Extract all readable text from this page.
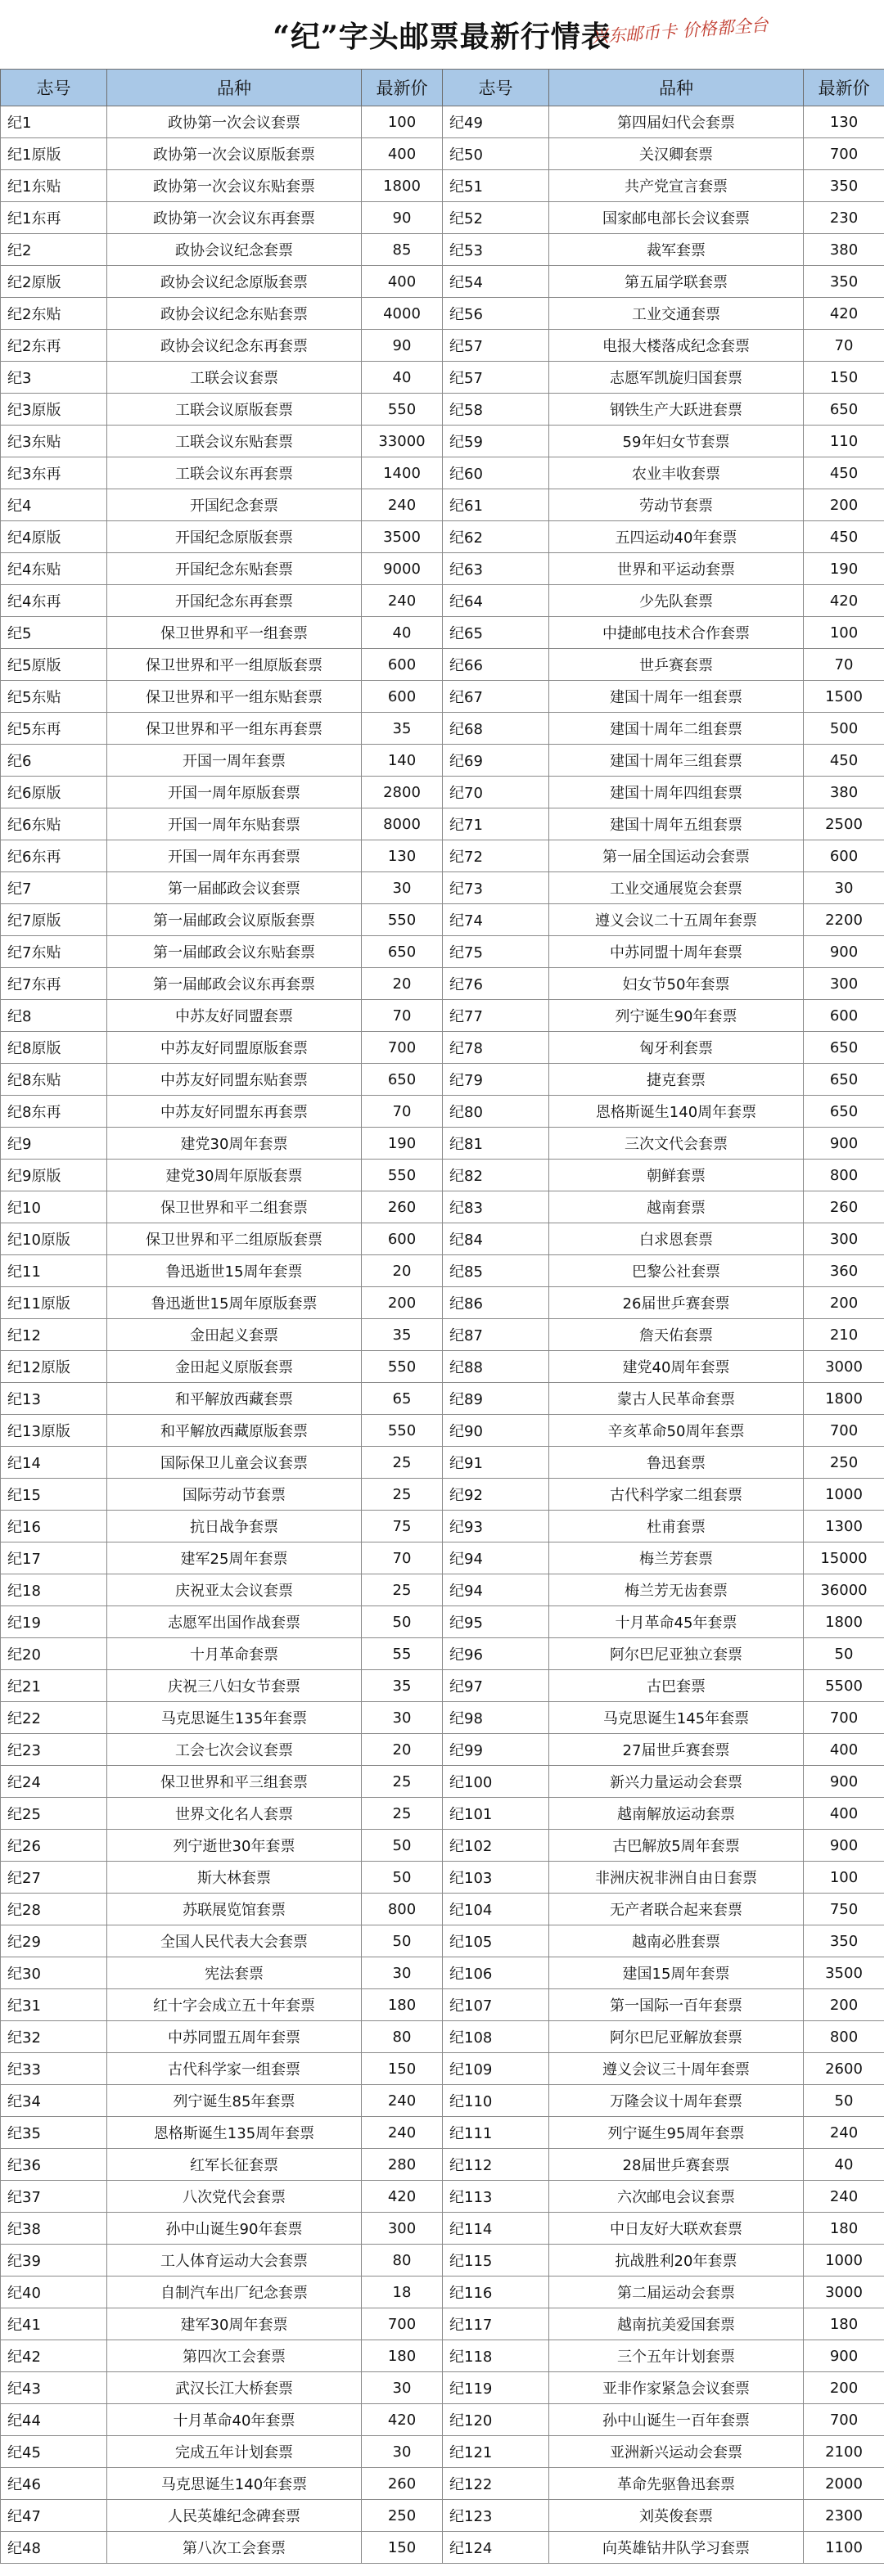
“纪”字头邮票最新行情表
兴东邮币卡 价格都全台
志号	品种	最新价	志号	品种	最新价
纪1	政协第一次会议套票	100	纪49	第四届妇代会套票	130
纪1原版	政协第一次会议原版套票	400	纪50	关汉卿套票	700
纪1东贴	政协第一次会议东贴套票	1800	纪51	共产党宣言套票	350
纪1东再	政协第一次会议东再套票	90	纪52	国家邮电部长会议套票	230
纪2	政协会议纪念套票	85	纪53	裁军套票	380
纪2原版	政协会议纪念原版套票	400	纪54	第五届学联套票	350
纪2东贴	政协会议纪念东贴套票	4000	纪56	工业交通套票	420
纪2东再	政协会议纪念东再套票	90	纪57	电报大楼落成纪念套票	70
纪3	工联会议套票	40	纪57	志愿军凯旋归国套票	150
纪3原版	工联会议原版套票	550	纪58	钢铁生产大跃进套票	650
纪3东贴	工联会议东贴套票	33000	纪59	59年妇女节套票	110
纪3东再	工联会议东再套票	1400	纪60	农业丰收套票	450
纪4	开国纪念套票	240	纪61	劳动节套票	200
纪4原版	开国纪念原版套票	3500	纪62	五四运动40年套票	450
纪4东贴	开国纪念东贴套票	9000	纪63	世界和平运动套票	190
纪4东再	开国纪念东再套票	240	纪64	少先队套票	420
纪5	保卫世界和平一组套票	40	纪65	中捷邮电技术合作套票	100
纪5原版	保卫世界和平一组原版套票	600	纪66	世乒赛套票	70
纪5东贴	保卫世界和平一组东贴套票	600	纪67	建国十周年一组套票	1500
纪5东再	保卫世界和平一组东再套票	35	纪68	建国十周年二组套票	500
纪6	开国一周年套票	140	纪69	建国十周年三组套票	450
纪6原版	开国一周年原版套票	2800	纪70	建国十周年四组套票	380
纪6东贴	开国一周年东贴套票	8000	纪71	建国十周年五组套票	2500
纪6东再	开国一周年东再套票	130	纪72	第一届全国运动会套票	600
纪7	第一届邮政会议套票	30	纪73	工业交通展览会套票	30
纪7原版	第一届邮政会议原版套票	550	纪74	遵义会议二十五周年套票	2200
纪7东贴	第一届邮政会议东贴套票	650	纪75	中苏同盟十周年套票	900
纪7东再	第一届邮政会议东再套票	20	纪76	妇女节50年套票	300
纪8	中苏友好同盟套票	70	纪77	列宁诞生90年套票	600
纪8原版	中苏友好同盟原版套票	700	纪78	匈牙利套票	650
纪8东贴	中苏友好同盟东贴套票	650	纪79	捷克套票	650
纪8东再	中苏友好同盟东再套票	70	纪80	恩格斯诞生140周年套票	650
纪9	建党30周年套票	190	纪81	三次文代会套票	900
纪9原版	建党30周年原版套票	550	纪82	朝鲜套票	800
纪10	保卫世界和平二组套票	260	纪83	越南套票	260
纪10原版	保卫世界和平二组原版套票	600	纪84	白求恩套票	300
纪11	鲁迅逝世15周年套票	20	纪85	巴黎公社套票	360
纪11原版	鲁迅逝世15周年原版套票	200	纪86	26届世乒赛套票	200
纪12	金田起义套票	35	纪87	詹天佑套票	210
纪12原版	金田起义原版套票	550	纪88	建党40周年套票	3000
纪13	和平解放西藏套票	65	纪89	蒙古人民革命套票	1800
纪13原版	和平解放西藏原版套票	550	纪90	辛亥革命50周年套票	700
纪14	国际保卫儿童会议套票	25	纪91	鲁迅套票	250
纪15	国际劳动节套票	25	纪92	古代科学家二组套票	1000
纪16	抗日战争套票	75	纪93	杜甫套票	1300
纪17	建军25周年套票	70	纪94	梅兰芳套票	15000
纪18	庆祝亚太会议套票	25	纪94	梅兰芳无齿套票	36000
纪19	志愿军出国作战套票	50	纪95	十月革命45年套票	1800
纪20	十月革命套票	55	纪96	阿尔巴尼亚独立套票	50
纪21	庆祝三八妇女节套票	35	纪97	古巴套票	5500
纪22	马克思诞生135年套票	30	纪98	马克思诞生145年套票	700
纪23	工会七次会议套票	20	纪99	27届世乒赛套票	400
纪24	保卫世界和平三组套票	25	纪100	新兴力量运动会套票	900
纪25	世界文化名人套票	25	纪101	越南解放运动套票	400
纪26	列宁逝世30年套票	50	纪102	古巴解放5周年套票	900
纪27	斯大林套票	50	纪103	非洲庆祝非洲自由日套票	100
纪28	苏联展览馆套票	800	纪104	无产者联合起来套票	750
纪29	全国人民代表大会套票	50	纪105	越南必胜套票	350
纪30	宪法套票	30	纪106	建国15周年套票	3500
纪31	红十字会成立五十年套票	180	纪107	第一国际一百年套票	200
纪32	中苏同盟五周年套票	80	纪108	阿尔巴尼亚解放套票	800
纪33	古代科学家一组套票	150	纪109	遵义会议三十周年套票	2600
纪34	列宁诞生85年套票	240	纪110	万隆会议十周年套票	50
纪35	恩格斯诞生135周年套票	240	纪111	列宁诞生95周年套票	240
纪36	红军长征套票	280	纪112	28届世乒赛套票	40
纪37	八次党代会套票	420	纪113	六次邮电会议套票	240
纪38	孙中山诞生90年套票	300	纪114	中日友好大联欢套票	180
纪39	工人体育运动大会套票	80	纪115	抗战胜利20年套票	1000
纪40	自制汽车出厂纪念套票	18	纪116	第二届运动会套票	3000
纪41	建军30周年套票	700	纪117	越南抗美爱国套票	180
纪42	第四次工会套票	180	纪118	三个五年计划套票	900
纪43	武汉长江大桥套票	30	纪119	亚非作家紧急会议套票	200
纪44	十月革命40年套票	420	纪120	孙中山诞生一百年套票	700
纪45	完成五年计划套票	30	纪121	亚洲新兴运动会套票	2100
纪46	马克思诞生140年套票	260	纪122	革命先驱鲁迅套票	2000
纪47	人民英雄纪念碑套票	250	纪123	刘英俊套票	2300
纪48	第八次工会套票	150	纪124	向英雄钻井队学习套票	1100
